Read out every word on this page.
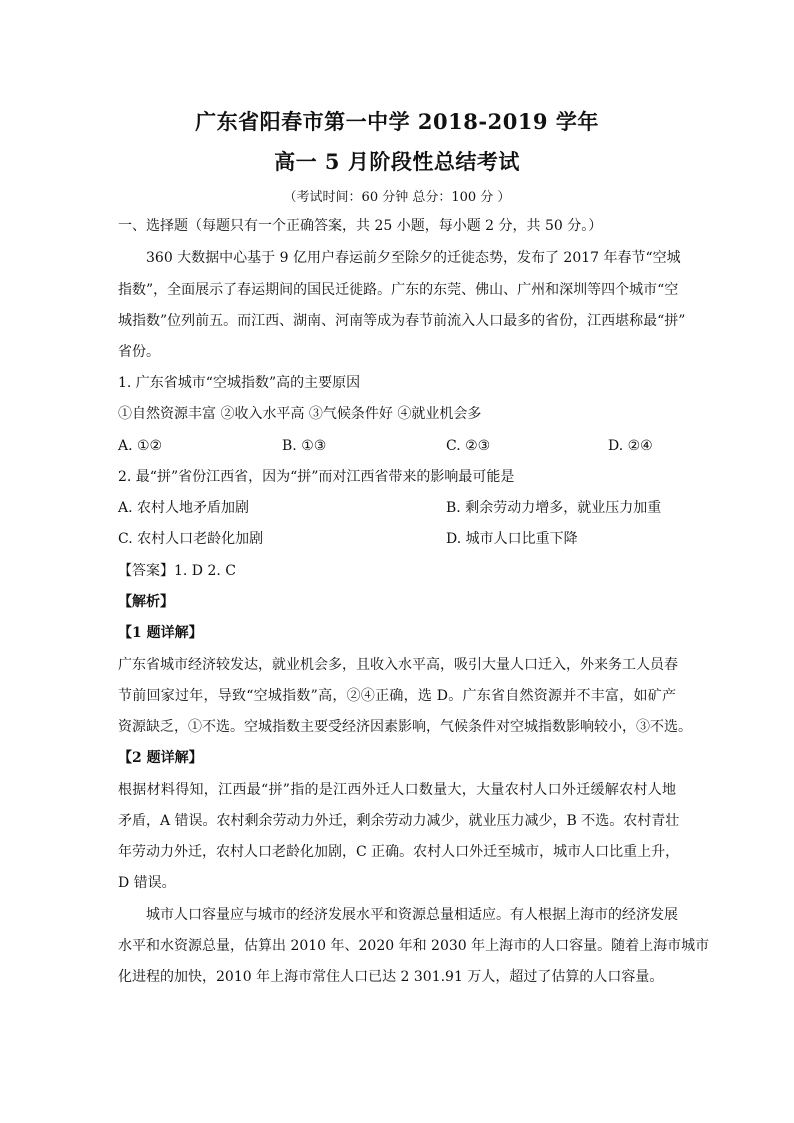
广东省阳春市第一中学 2018-2019 学年
高一 5 月阶段性总结考试
（考试时间：60 分钟 总分：100 分 ）
一、选择题（每题只有一个正确答案，共 25 小题，每小题 2 分，共 50 分。）
360 大数据中心基于 9 亿用户春运前夕至除夕的迁徙态势，发布了 2017 年春节“空城
指数”，全面展示了春运期间的国民迁徙路。广东的东莞、佛山、广州和深圳等四个城市“空
城指数”位列前五。而江西、湖南、河南等成为春节前流入人口最多的省份，江西堪称最“拼”
省份。
1. 广东省城市“空城指数”高的主要原因
①自然资源丰富 ②收入水平高 ③气候条件好 ④就业机会多
A. ①②	B. ①③	C. ②③	D. ②④
2. 最“拼”省份江西省，因为“拼”而对江西省带来的影响最可能是
A. 农村人地矛盾加剧	B. 剩余劳动力增多，就业压力加重
C. 农村人口老龄化加剧	D. 城市人口比重下降
【答案】1. D 2. C
【解析】
【1 题详解】
广东省城市经济较发达，就业机会多，且收入水平高，吸引大量人口迁入，外来务工人员春
节前回家过年，导致“空城指数”高，②④正确，选 D。广东省自然资源并不丰富，如矿产
资源缺乏，①不选。空城指数主要受经济因素影响，气候条件对空城指数影响较小，③不选。
【2 题详解】
根据材料得知，江西最“拼”指的是江西外迁人口数量大，大量农村人口外迁缓解农村人地
矛盾，A 错误。农村剩余劳动力外迁，剩余劳动力减少，就业压力减少，B 不选。农村青壮
年劳动力外迁，农村人口老龄化加剧，C 正确。农村人口外迁至城市，城市人口比重上升，
D 错误。
城市人口容量应与城市的经济发展水平和资源总量相适应。有人根据上海市的经济发展
水平和水资源总量，估算出 2010 年、2020 年和 2030 年上海市的人口容量。随着上海市城市
化进程的加快，2010 年上海市常住人口已达 2 301.91 万人，超过了估算的人口容量。
